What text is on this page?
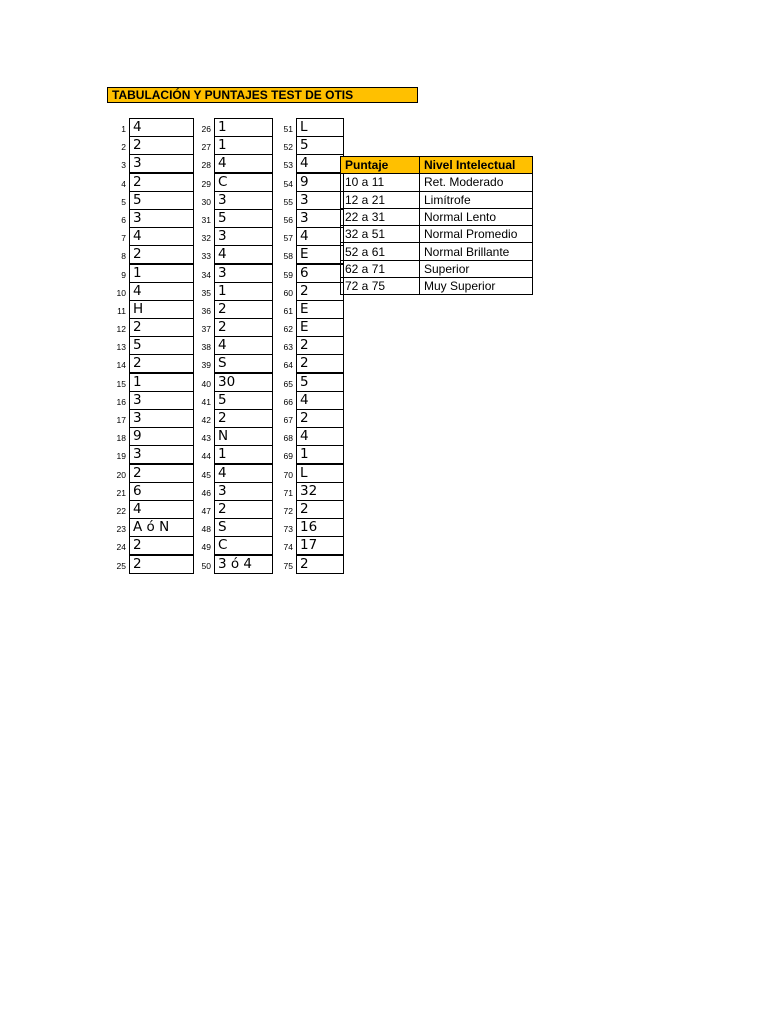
TABULACIÓN Y PUNTAJES TEST DE OTIS
1 4
2 2
3 3
4 2
5 5
6 3
7 4
8 2
9 1
10 4
11 H
12 2
13 5
14 2
15 1
16 3
17 3
18 9
19 3
20 2
21 6
22 4
23 A ó N
24 2
25 2
26 1
27 1
28 4
29 C
30 3
31 5
32 3
33 4
34 3
35 1
36 2
37 2
38 4
39 S
40 30
41 5
42 2
43 N
44 1
45 4
46 3
47 2
48 S
49 C
50 3 ó 4
51 L
52 5
53 4
54 9
55 3
56 3
57 4
58 E
59 6
60 2
61 E
62 E
63 2
64 2
65 5
66 4
67 2
68 4
69 1
70 L
71 32
72 2
73 16
74 17
75 2
Puntaje	Nivel Intelectual
10 a 11	Ret. Moderado
12 a 21	Limítrofe
22 a 31	Normal Lento
32 a 51	Normal Promedio
52 a 61	Normal Brillante
62 a 71	Superior
72 a 75	Muy Superior
